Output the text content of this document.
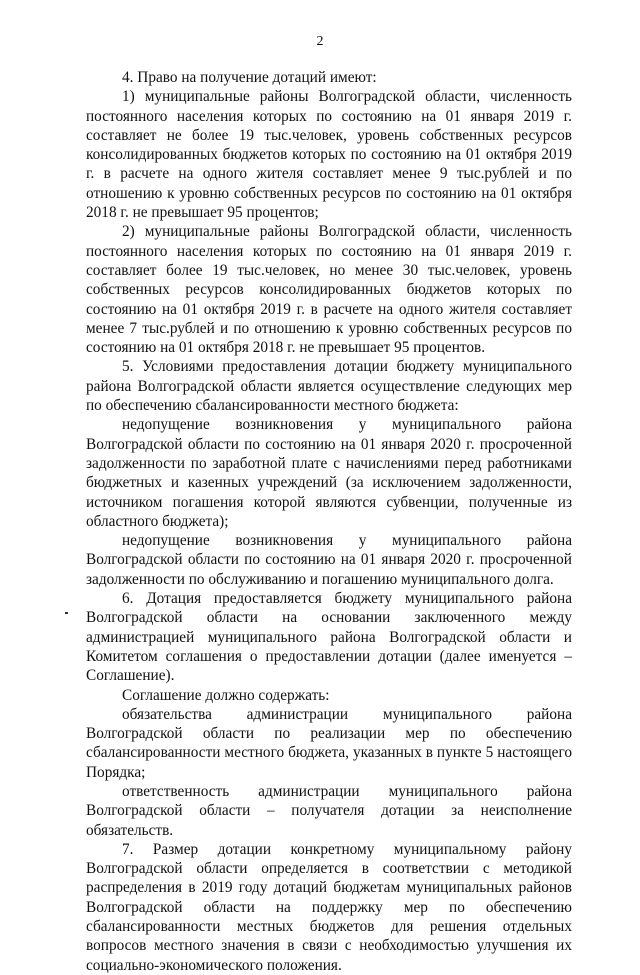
2

4. Право на получение дотаций имеют:

1) муниципальные районы Волгоградской области, численность постоянного населения которых по состоянию на 01 января 2019 г. составляет не более 19 тыс.человек, уровень собственных ресурсов консолидированных бюджетов которых по состоянию на 01 октября 2019 г. в расчете на одного жителя составляет менее 9 тыс.рублей и по отношению к уровню собственных ресурсов по состоянию на 01 октября 2018 г. не превышает 95 процентов;

2) муниципальные районы Волгоградской области, численность постоянного населения которых по состоянию на 01 января 2019 г. составляет более 19 тыс.человек, но менее 30 тыс.человек, уровень собственных ресурсов консолидированных бюджетов которых по состоянию на 01 октября 2019 г. в расчете на одного жителя составляет менее 7 тыс.рублей и по отношению к уровню собственных ресурсов по состоянию на 01 октября 2018 г. не превышает 95 процентов.

5. Условиями предоставления дотации бюджету муниципального района Волгоградской области является осуществление следующих мер по обеспечению сбалансированности местного бюджета:

недопущение возникновения у муниципального района Волгоградской области по состоянию на 01 января 2020 г. просроченной задолженности по заработной плате с начислениями перед работниками бюджетных и казенных учреждений (за исключением задолженности, источником погашения которой являются субвенции, полученные из областного бюджета);

недопущение возникновения у муниципального района Волгоградской области по состоянию на 01 января 2020 г. просроченной задолженности по обслуживанию и погашению муниципального долга.

6. Дотация предоставляется бюджету муниципального района Волгоградской области на основании заключенного между администрацией муниципального района Волгоградской области и Комитетом соглашения о предоставлении дотации (далее именуется – Соглашение).

Соглашение должно содержать:

обязательства администрации муниципального района Волгоградской области по реализации мер по обеспечению сбалансированности местного бюджета, указанных в пункте 5 настоящего Порядка;

ответственность администрации муниципального района Волгоградской области – получателя дотации за неисполнение обязательств.

7. Размер дотации конкретному муниципальному району Волгоградской области определяется в соответствии с методикой распределения в 2019 году дотаций бюджетам муниципальных районов Волгоградской области на поддержку мер по обеспечению сбалансированности местных бюджетов для решения отдельных вопросов местного значения в связи с необходимостью улучшения их социально-экономического положения.
